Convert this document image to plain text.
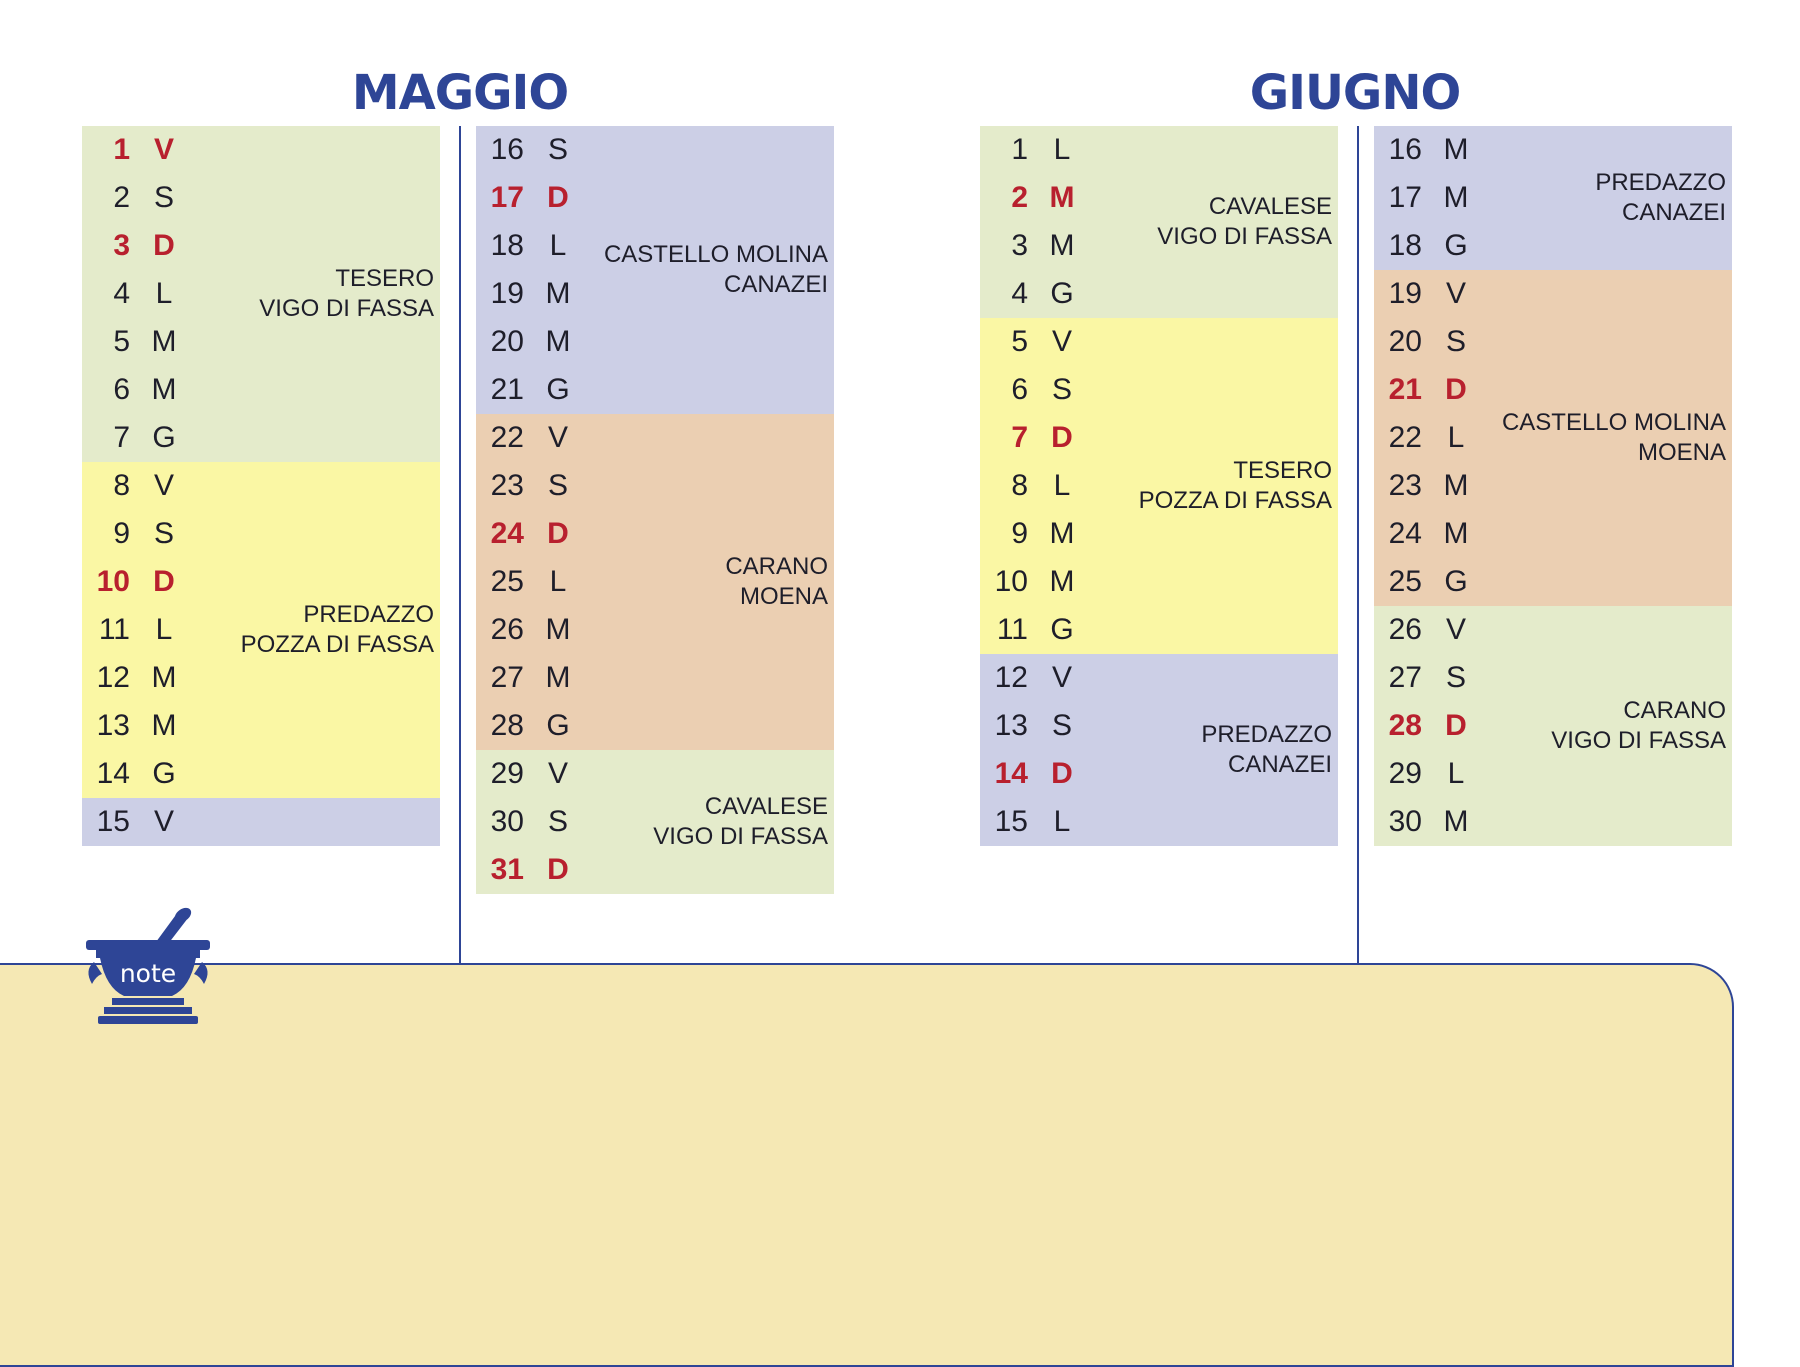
MAGGIO	GIUGNO
TESERO
VIGO DI FASSA
PREDAZZO
POZZA DI FASSA
1 V
2 S
3 D
4 L
5 M
6 M
7 G
8 V
9 S
10 D
11 L
12 M
13 M
14 G
15 V
CASTELLO MOLINA
CANAZEI
CARANO
MOENA
CAVALESE
VIGO DI FASSA
16 S
17 D
18 L
19 M
20 M
21 G
22 V
23 S
24 D
25 L
26 M
27 M
28 G
29 V
30 S
31 D
CAVALESE
VIGO DI FASSA
TESERO
POZZA DI FASSA
PREDAZZO
CANAZEI
1 L
2 M
3 M
4 G
5 V
6 S
7 D
8 L
9 M
10 M
11 G
12 V
13 S
14 D
15 L
PREDAZZO
CANAZEI
CASTELLO MOLINA
MOENA
CARANO
VIGO DI FASSA
16 M
17 M
18 G
19 V
20 S
21 D
22 L
23 M
24 M
25 G
26 V
27 S
28 D
29 L
30 M
note
